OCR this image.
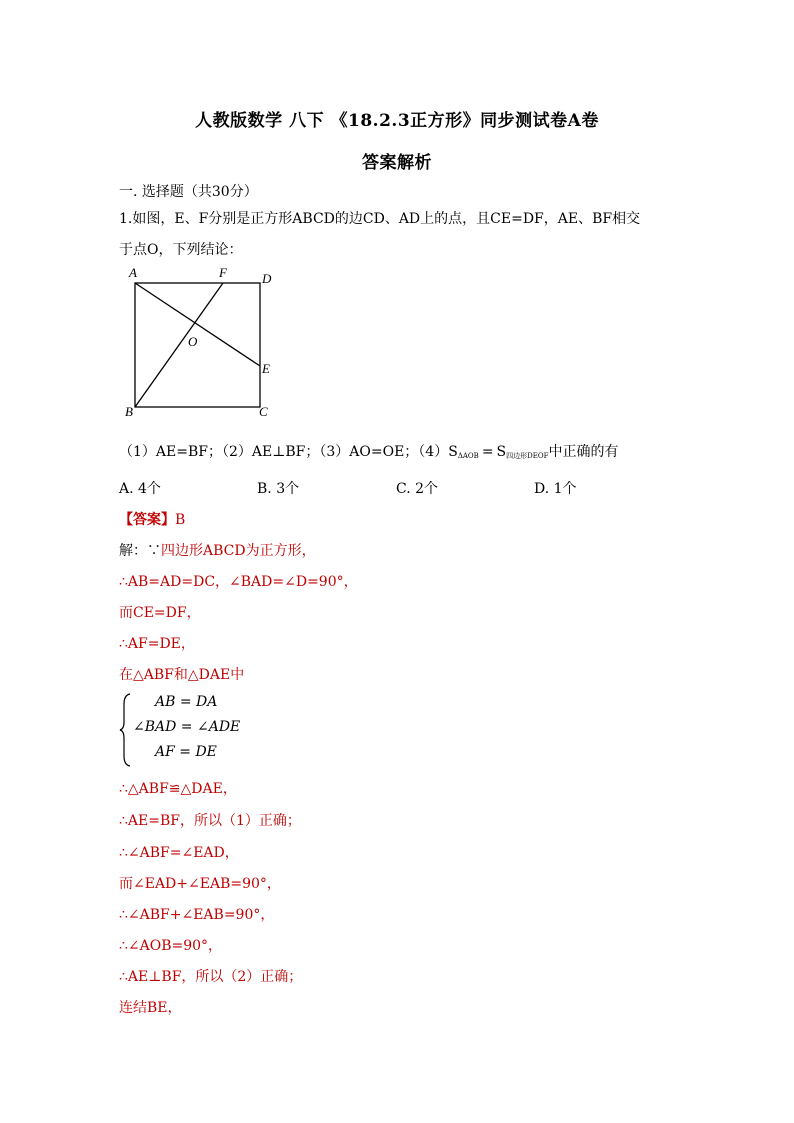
人教版数学 八下 《18.2.3正方形》同步测试卷A卷
答案解析
一. 选择题（共30分）
1.如图，E、F分别是正方形ABCD的边CD、AD上的点，且CE=DF，AE、BF相交
于点O，下列结论：
A	F	D
O
E
B	C
（1）AE=BF；（2）AE⊥BF；（3）AO=OE；$(4)S_{\Delta AOB} = S_{四边形DEOF}$中正确的有
A. 4个	B. 3个	C. 2个	D. 1个
【答案】B
解：∵四边形ABCD为正方形，
∴AB=AD=DC，∠BAD=∠D=90°，
而CE=DF，
∴AF=DE，
在△ABF和△DAE中
AB = DA
∠BAD = ∠ADE
AF = DE
∴△ABF≌△DAE，
∴AE=BF，所以（1）正确；
∴∠ABF=∠EAD，
而∠EAD+∠EAB=90°，
∴∠ABF+∠EAB=90°，
∴∠AOB=90°，
∴AE⊥BF，所以（2）正确；
连结BE，
